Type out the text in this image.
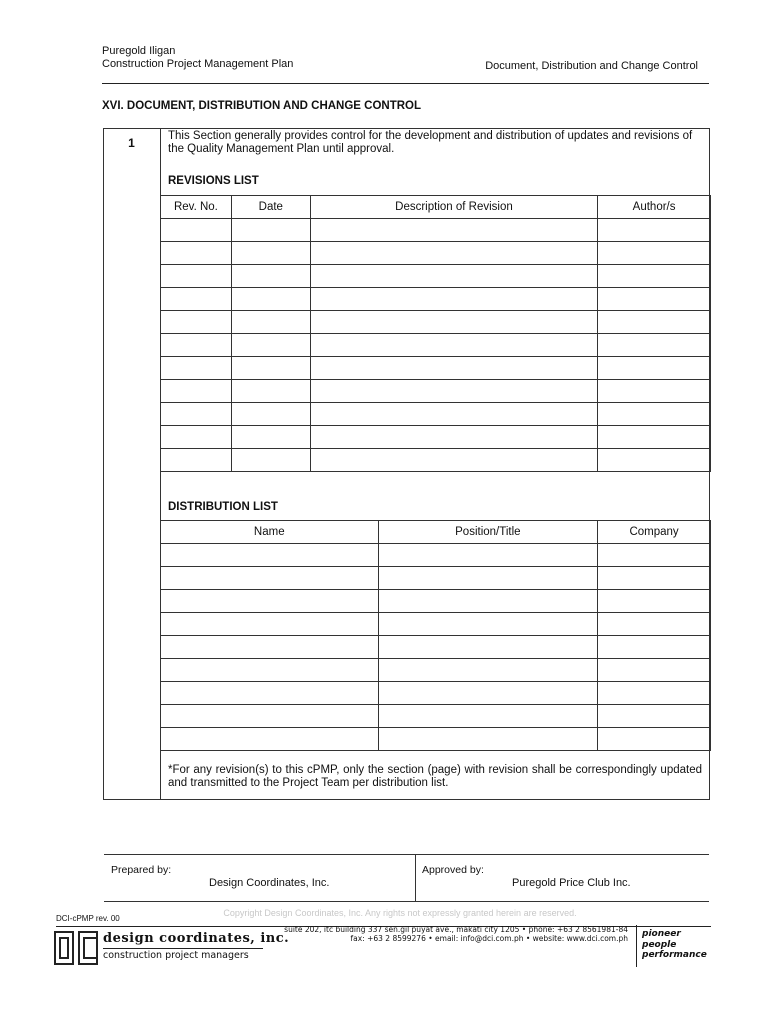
Puregold Iligan
Construction Project Management Plan	Document, Distribution and Change Control
XVI. DOCUMENT, DISTRIBUTION AND CHANGE CONTROL
1	This Section generally provides control for the development and distribution of updates and revisions of the Quality Management Plan until approval.
REVISIONS LIST
Rev. No.	Date	Description of Revision	Author/s

DISTRIBUTION LIST
Name	Position/Title	Company

*For any revision(s) to this cPMP, only the section (page) with revision shall be correspondingly updated and transmitted to the Project Team per distribution list.
Prepared by:
Design Coordinates, Inc.
Approved by:
Puregold Price Club Inc.
DCI-cPMP rev. 00
Copyright Design Coordinates, Inc. Any rights not expressly granted herein are reserved.
design coordinates, inc.
construction project managers
suite 202, itc building 337 sen.gil puyat ave., makati city 1205 • phone: +63 2 8561981-84
fax: +63 2 8599276 • email: info@dci.com.ph • website: www.dci.com.ph pioneer
people
performance
